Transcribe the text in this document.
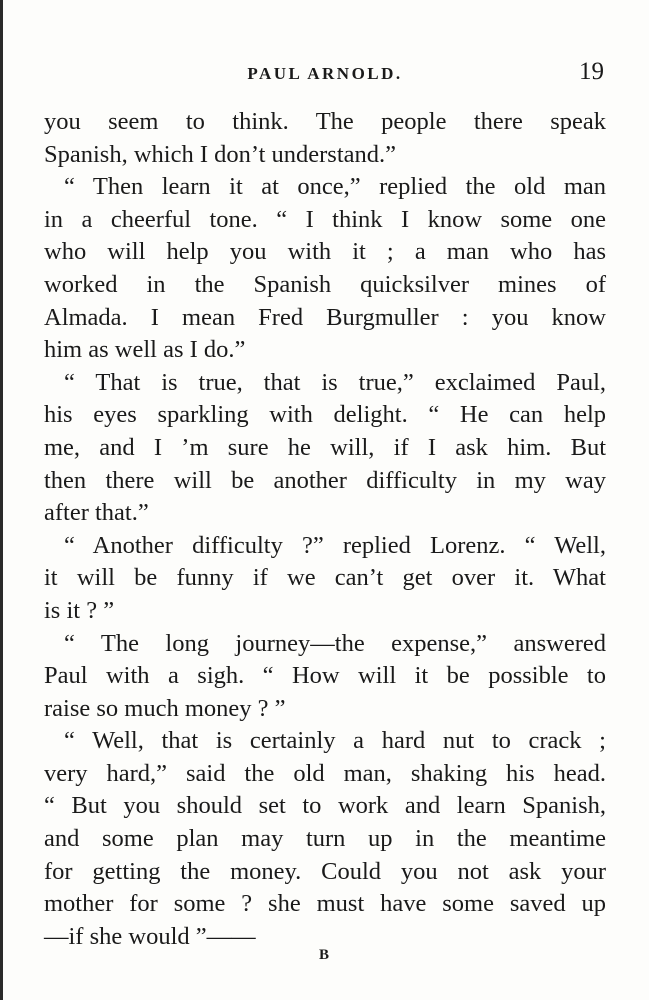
PAUL ARNOLD.	19
you seem to think. The people there speak
Spanish, which I don’t understand.”
“ Then learn it at once,” replied the old man
in a cheerful tone. “ I think I know some one
who will help you with it ; a man who has
worked in the Spanish quicksilver mines of
Almada. I mean Fred Burgmuller : you know
him as well as I do.”
“ That is true, that is true,” exclaimed Paul,
his eyes sparkling with delight. “ He can help
me, and I ’m sure he will, if I ask him. But
then there will be another difficulty in my way
after that.”
“ Another difficulty ?” replied Lorenz. “ Well,
it will be funny if we can’t get over it. What
is it ? ”
“ The long journey—the expense,” answered
Paul with a sigh. “ How will it be possible to
raise so much money ? ”
“ Well, that is certainly a hard nut to crack ;
very hard,” said the old man, shaking his head.
“ But you should set to work and learn Spanish,
and some plan may turn up in the meantime
for getting the money. Could you not ask your
mother for some ? she must have some saved up
—if she would ”——
B
